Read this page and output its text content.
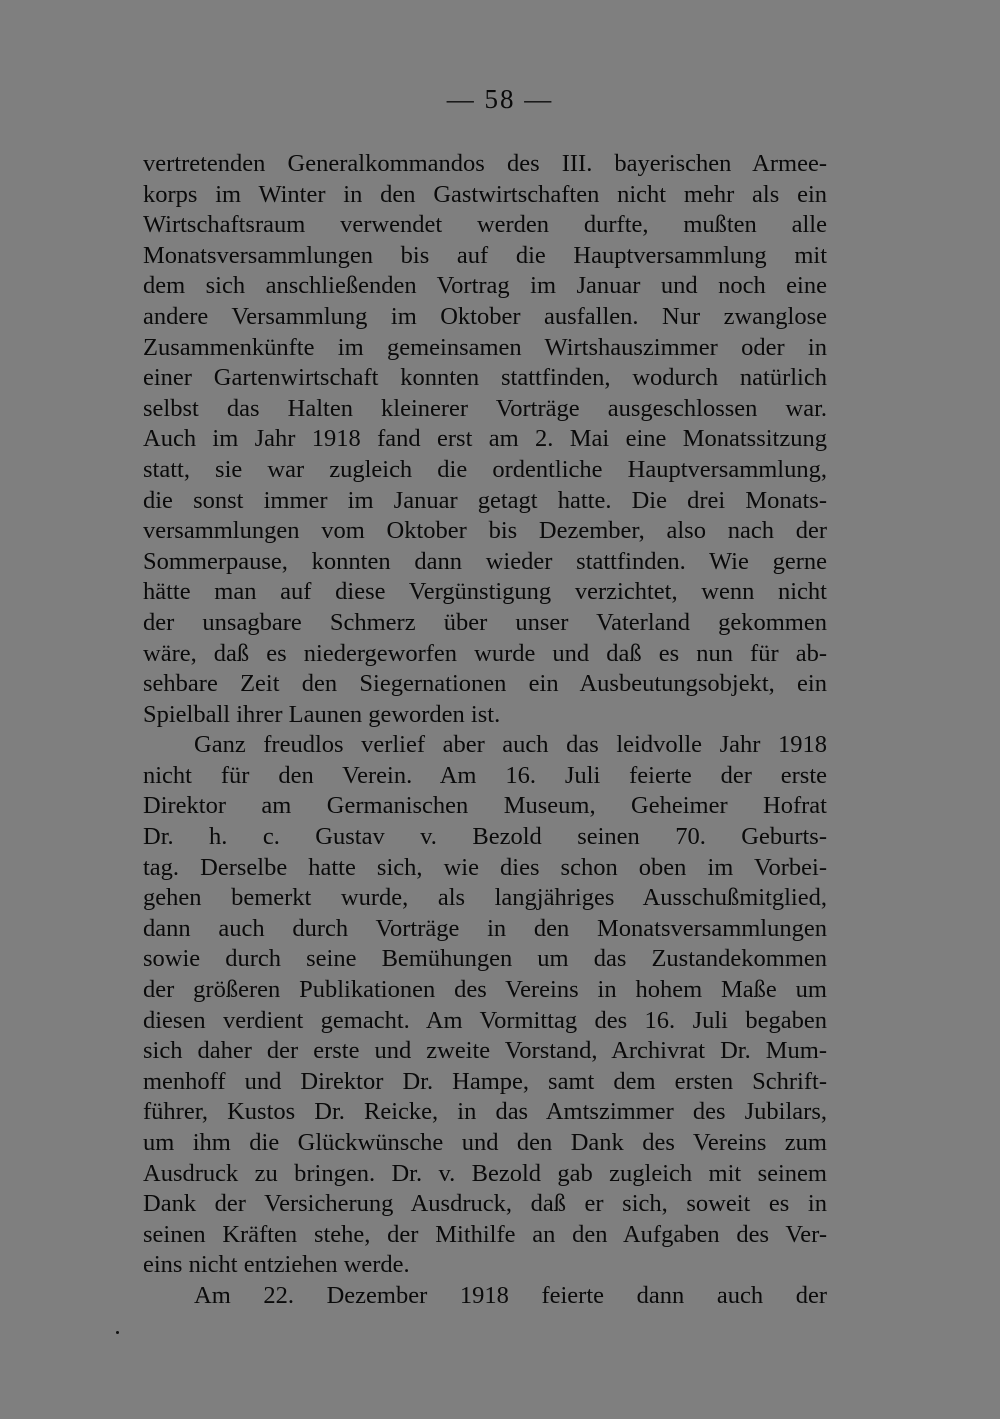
— 58 —
vertretenden Generalkommandos des III. bayerischen Armee-
korps im Winter in den Gastwirtschaften nicht mehr als ein
Wirtschaftsraum verwendet werden durfte, mußten alle
Monatsversammlungen bis auf die Hauptversammlung mit
dem sich anschließenden Vortrag im Januar und noch eine
andere Versammlung im Oktober ausfallen. Nur zwanglose
Zusammenkünfte im gemeinsamen Wirtshauszimmer oder in
einer Gartenwirtschaft konnten stattfinden, wodurch natürlich
selbst das Halten kleinerer Vorträge ausgeschlossen war.
Auch im Jahr 1918 fand erst am 2. Mai eine Monatssitzung
statt, sie war zugleich die ordentliche Hauptversammlung,
die sonst immer im Januar getagt hatte. Die drei Monats-
versammlungen vom Oktober bis Dezember, also nach der
Sommerpause, konnten dann wieder stattfinden. Wie gerne
hätte man auf diese Vergünstigung verzichtet, wenn nicht
der unsagbare Schmerz über unser Vaterland gekommen
wäre, daß es niedergeworfen wurde und daß es nun für ab-
sehbare Zeit den Siegernationen ein Ausbeutungsobjekt, ein
Spielball ihrer Launen geworden ist.
Ganz freudlos verlief aber auch das leidvolle Jahr 1918
nicht für den Verein. Am 16. Juli feierte der erste
Direktor am Germanischen Museum, Geheimer Hofrat
Dr. h. c. Gustav v. Bezold seinen 70. Geburts-
tag. Derselbe hatte sich, wie dies schon oben im Vorbei-
gehen bemerkt wurde, als langjähriges Ausschußmitglied,
dann auch durch Vorträge in den Monatsversammlungen
sowie durch seine Bemühungen um das Zustandekommen
der größeren Publikationen des Vereins in hohem Maße um
diesen verdient gemacht. Am Vormittag des 16. Juli begaben
sich daher der erste und zweite Vorstand, Archivrat Dr. Mum-
menhoff und Direktor Dr. Hampe, samt dem ersten Schrift-
führer, Kustos Dr. Reicke, in das Amtszimmer des Jubilars,
um ihm die Glückwünsche und den Dank des Vereins zum
Ausdruck zu bringen. Dr. v. Bezold gab zugleich mit seinem
Dank der Versicherung Ausdruck, daß er sich, soweit es in
seinen Kräften stehe, der Mithilfe an den Aufgaben des Ver-
eins nicht entziehen werde.
Am 22. Dezember 1918 feierte dann auch der
